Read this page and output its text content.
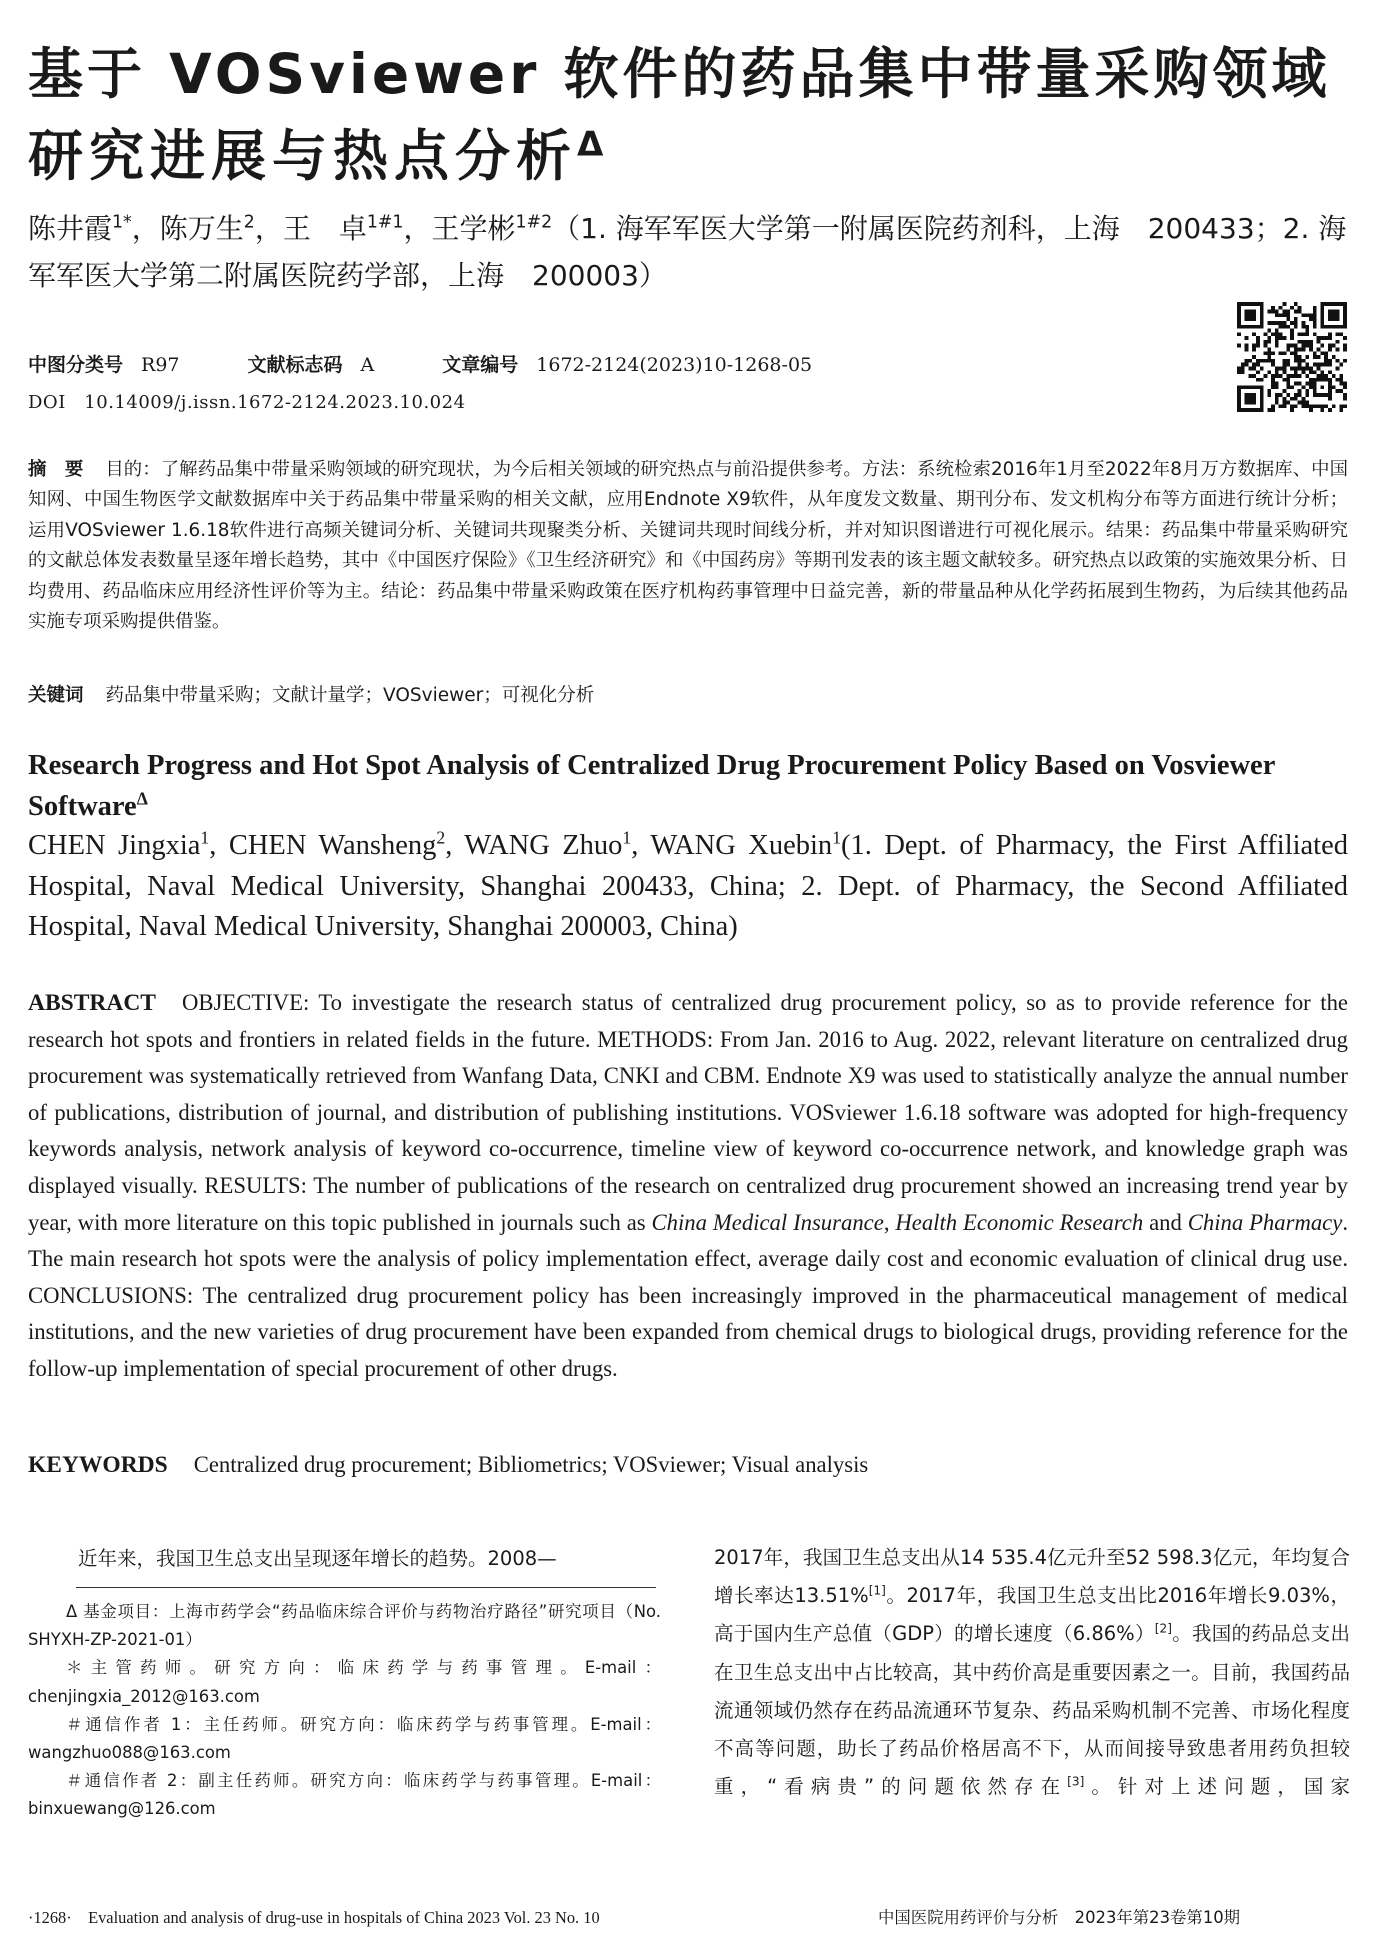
基于 VOSviewer 软件的药品集中带量采购领域
研究进展与热点分析$^\Delta$
陈井霞$^{1*}$，陈万生$^2$，王　卓$^{1\#1}$，王学彬$^{1\#2}$（1. 海军军医大学第一附属医院药剂科，上海　200433；2. 海军军医大学第二附属医院药学部，上海　200003）
中图分类号 R97	文献标志码 A	文章编号 1672-2124(2023)10-1268-05
DOI　10.14009/j.issn.1672-2124.2023.10.024
摘　要 目的：了解药品集中带量采购领域的研究现状，为今后相关领域的研究热点与前沿提供参考。方法：系统检索2016年1月至2022年8月万方数据库、中国知网、中国生物医学文献数据库中关于药品集中带量采购的相关文献，应用Endnote X9软件，从年度发文数量、期刊分布、发文机构分布等方面进行统计分析；运用VOSviewer 1.6.18软件进行高频关键词分析、关键词共现聚类分析、关键词共现时间线分析，并对知识图谱进行可视化展示。结果：药品集中带量采购研究的文献总体发表数量呈逐年增长趋势，其中《中国医疗保险》《卫生经济研究》和《中国药房》等期刊发表的该主题文献较多。研究热点以政策的实施效果分析、日均费用、药品临床应用经济性评价等为主。结论：药品集中带量采购政策在医疗机构药事管理中日益完善，新的带量品种从化学药拓展到生物药，为后续其他药品实施专项采购提供借鉴。
关键词 药品集中带量采购；文献计量学；VOSviewer；可视化分析
Research Progress and Hot Spot Analysis of Centralized Drug Procurement Policy Based on Vosviewer Software$^\Delta$
CHEN Jingxia$^1$, CHEN Wansheng$^2$, WANG Zhuo$^1$, WANG Xuebin$^1$(1. Dept. of Pharmacy, the First Affiliated Hospital, Naval Medical University, Shanghai 200433, China; 2. Dept. of Pharmacy, the Second Affiliated Hospital, Naval Medical University, Shanghai 200003, China)
ABSTRACT OBJECTIVE: To investigate the research status of centralized drug procurement policy, so as to provide reference for the research hot spots and frontiers in related fields in the future. METHODS: From Jan. 2016 to Aug. 2022, relevant literature on centralized drug procurement was systematically retrieved from Wanfang Data, CNKI and CBM. Endnote X9 was used to statistically analyze the annual number of publications, distribution of journal, and distribution of publishing institutions. VOSviewer 1.6.18 software was adopted for high-frequency keywords analysis, network analysis of keyword co-occurrence, timeline view of keyword co-occurrence network, and knowledge graph was displayed visually. RESULTS: The number of publications of the research on centralized drug procurement showed an increasing trend year by year, with more literature on this topic published in journals such as China Medical Insurance, Health Economic Research and China Pharmacy. The main research hot spots were the analysis of policy implementation effect, average daily cost and economic evaluation of clinical drug use. CONCLUSIONS: The centralized drug procurement policy has been increasingly improved in the pharmaceutical management of medical institutions, and the new varieties of drug procurement have been expanded from chemical drugs to biological drugs, providing reference for the follow-up implementation of special procurement of other drugs.
KEYWORDS Centralized drug procurement; Bibliometrics; VOSviewer; Visual analysis
近年来，我国卫生总支出呈现逐年增长的趋势。2008—

Δ 基金项目：上海市药学会“药品临床综合评价与药物治疗路径”研究项目（No. SHYXH-ZP-2021-01）

＊主管药师。研究方向：临床药学与药事管理。E-mail：chenjingxia_2012@163.com

＃通信作者 1：主任药师。研究方向：临床药学与药事管理。E-mail：wangzhuo088@163.com

＃通信作者 2：副主任药师。研究方向：临床药学与药事管理。E-mail：binxuewang@126.com

2017年，我国卫生总支出从14 535.4亿元升至52 598.3亿元，年均复合增长率达13.51%[1]。2017年，我国卫生总支出比2016年增长9.03%，高于国内生产总值（GDP）的增长速度（6.86%）[2]。我国的药品总支出在卫生总支出中占比较高，其中药价高是重要因素之一。目前，我国药品流通领域仍然存在药品流通环节复杂、药品采购机制不完善、市场化程度不高等问题，助长了药品价格居高不下，从而间接导致患者用药负担较重，“看病贵”的问题依然存在[3]。针对上述问题，国家
·1268·　Evaluation and analysis of drug-use in hospitals of China 2023 Vol. 23 No. 10	中国医院用药评价与分析　2023年第23卷第10期
